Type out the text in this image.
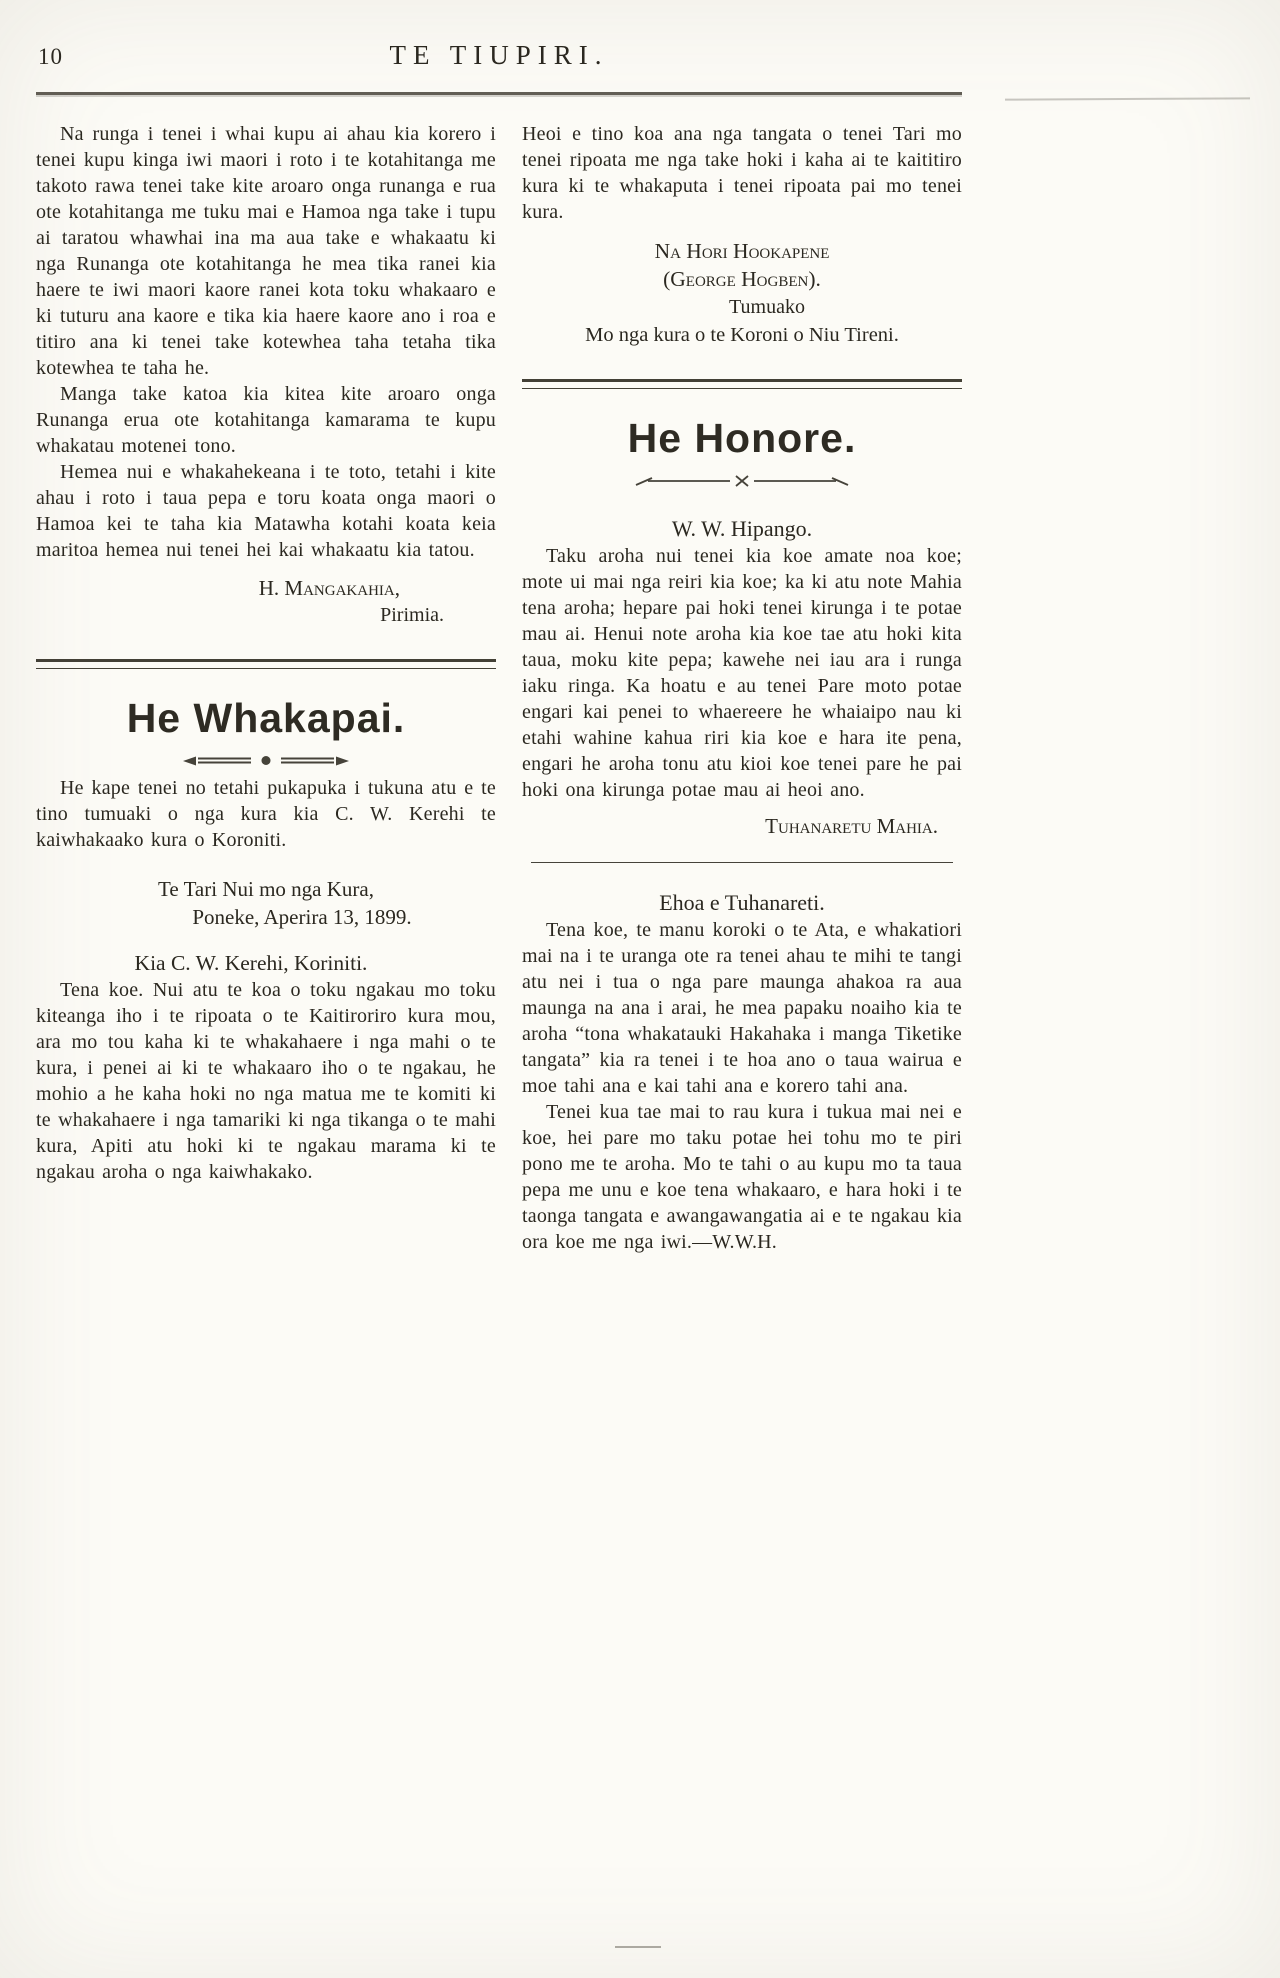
10	TE TIUPIRI.

Na runga i tenei i whai kupu ai ahau kia korero i tenei kupu kinga iwi maori i roto i te kotahitanga me takoto rawa tenei take kite aroaro onga runanga e rua ote kotahitanga me tuku mai e Hamoa nga take i tupu ai taratou whawhai ina ma aua take e whakaatu ki nga Runanga ote kotahitanga he mea tika ranei kia haere te iwi maori kaore ranei kota toku whakaaro e ki tuturu ana kaore e tika kia haere kaore ano i roa e titiro ana ki tenei take kotewhea taha tetaha tika kotewhea te taha he.

Manga take katoa kia kitea kite aroaro onga Runanga erua ote kotahitanga kamarama te kupu whakatau motenei tono.

Hemea nui e whakahekeana i te toto, tetahi i kite ahau i roto i taua pepa e toru koata onga maori o Hamoa kei te taha kia Matawha kotahi koata keia maritoa hemea nui tenei hei kai whakaatu kia tatou.

H. Mangakahia,
Pirimia.
He Whakapai.

He kape tenei no tetahi pukapuka i tukuna atu e te tino tumuaki o nga kura kia C. W. Kerehi te kaiwhakaako kura o Koroniti.

Te Tari Nui mo nga Kura,
Poneke, Aperira 13, 1899.
Kia C. W. Kerehi, Koriniti.

Tena koe. Nui atu te koa o toku ngakau mo toku kiteanga iho i te ripoata o te Kaitiroriro kura mou, ara mo tou kaha ki te whakahaere i nga mahi o te kura, i penei ai ki te whakaaro iho o te ngakau, he mohio a he kaha hoki no nga matua me te komiti ki te whakahaere i nga tamariki ki nga tikanga o te mahi kura, Apiti atu hoki ki te ngakau marama ki te ngakau aroha o nga kaiwhakako.

Heoi e tino koa ana nga tangata o tenei Tari mo tenei ripoata me nga take hoki i kaha ai te kaititiro kura ki te whakaputa i tenei ripoata pai mo tenei kura.

Na Hori Hookapene
(George Hogben).
Tumuako
Mo nga kura o te Koroni o Niu Tireni.
He Honore.
W. W. Hipango.

Taku aroha nui tenei kia koe amate noa koe; mote ui mai nga reiri kia koe; ka ki atu note Mahia tena aroha; hepare pai hoki tenei kirunga i te potae mau ai. Henui note aroha kia koe tae atu hoki kita taua, moku kite pepa; kawehe nei iau ara i runga iaku ringa. Ka hoatu e au tenei Pare moto potae engari kai penei to whaereere he whaiaipo nau ki etahi wahine kahua riri kia koe e hara ite pena, engari he aroha tonu atu kioi koe tenei pare he pai hoki ona kirunga potae mau ai heoi ano.

Tuhanaretu Mahia.
Ehoa e Tuhanareti.

Tena koe, te manu koroki o te Ata, e whakatiori mai na i te uranga ote ra tenei ahau te mihi te tangi atu nei i tua o nga pare maunga ahakoa ra aua maunga na ana i arai, he mea papaku noaiho kia te aroha “tona whakatauki Hakahaka i manga Tiketike tangata” kia ra tenei i te hoa ano o taua wairua e moe tahi ana e kai tahi ana e korero tahi ana.

Tenei kua tae mai to rau kura i tukua mai nei e koe, hei pare mo taku potae hei tohu mo te piri pono me te aroha. Mo te tahi o au kupu mo ta taua pepa me unu e koe tena whakaaro, e hara hoki i te taonga tangata e awangawangatia ai e te ngakau kia ora koe me nga iwi.—W.W.H.
